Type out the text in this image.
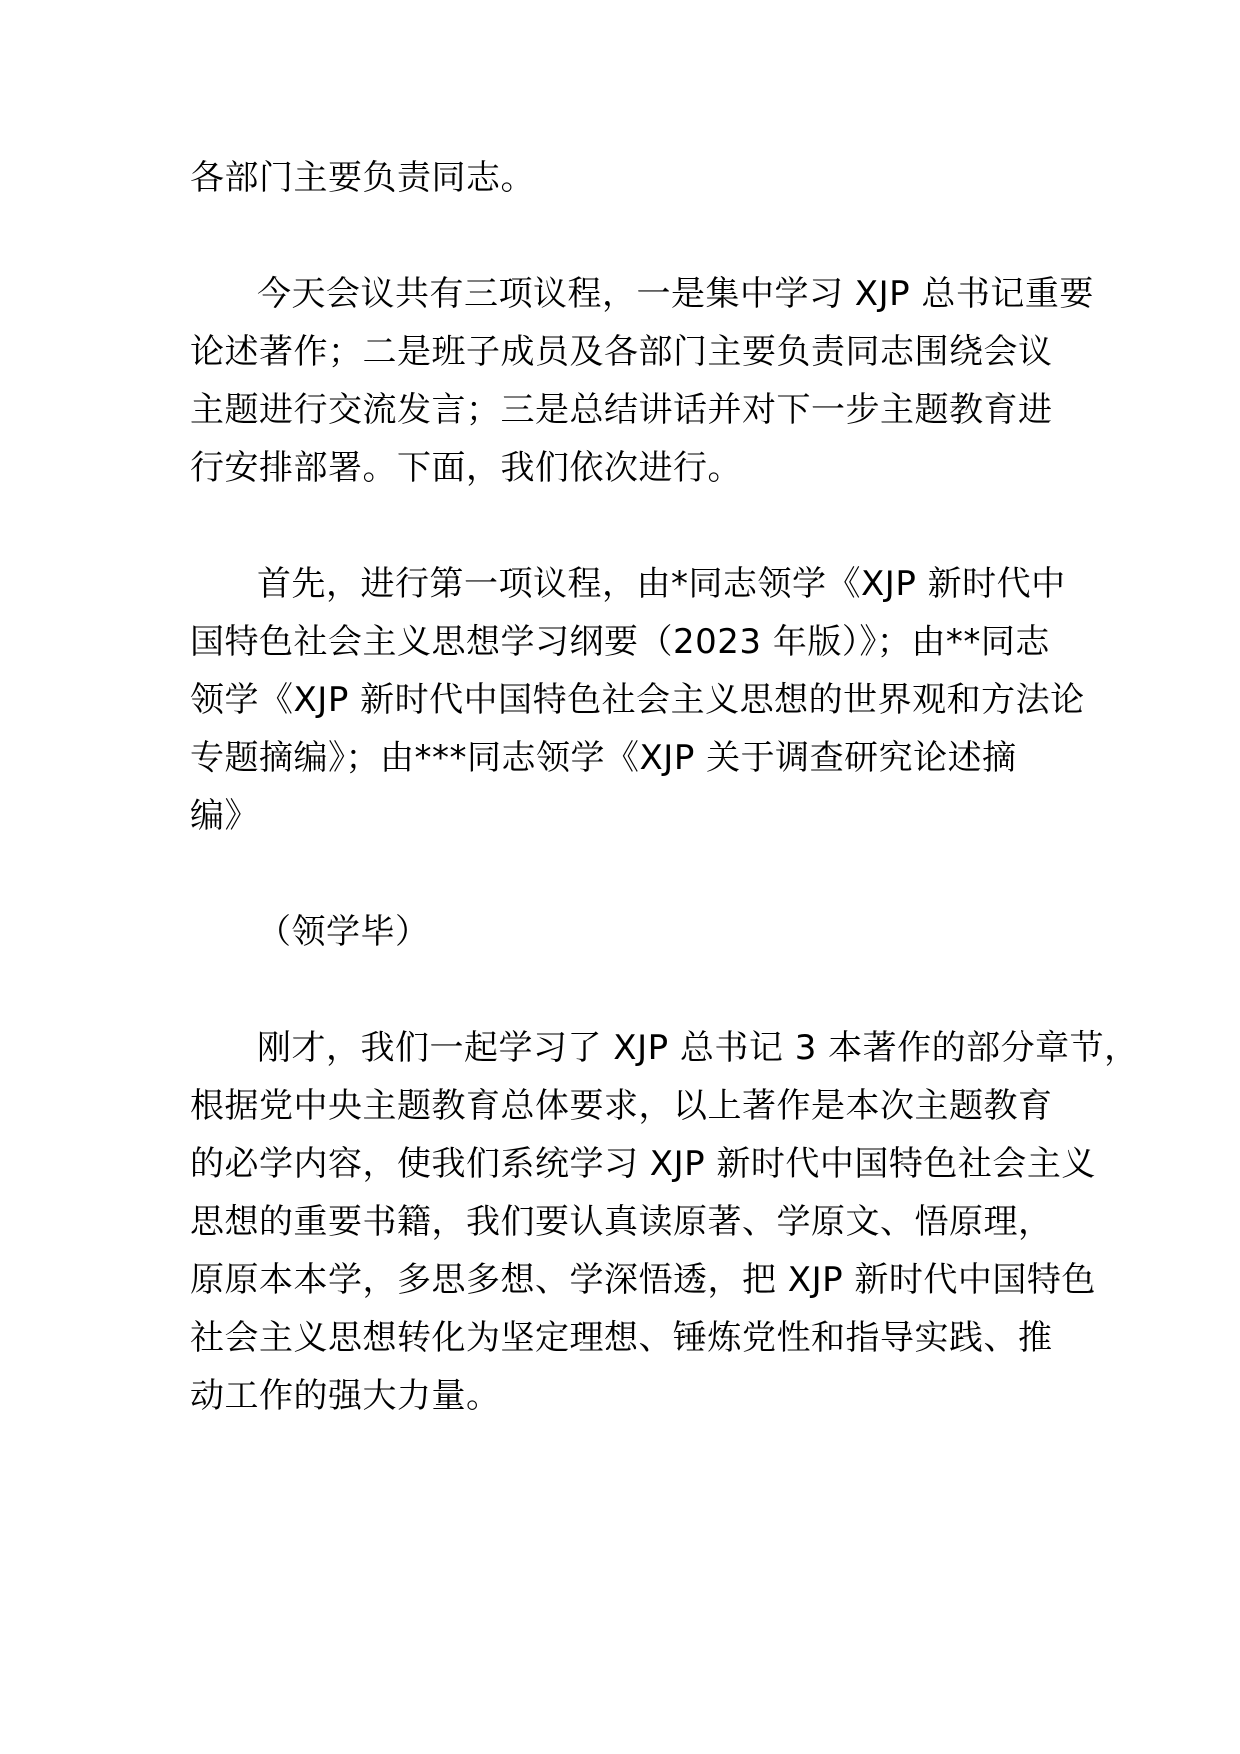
各部门主要负责同志。
今天会议共有三项议程，一是集中学习 XJP 总书记重要
论述著作；二是班子成员及各部门主要负责同志围绕会议
主题进行交流发言；三是总结讲话并对下一步主题教育进
行安排部署。下面，我们依次进行。
首先，进行第一项议程，由*同志领学《XJP 新时代中
国特色社会主义思想学习纲要（2023 年版）》；由**同志
领学《XJP 新时代中国特色社会主义思想的世界观和方法论
专题摘编》；由***同志领学《XJP 关于调查研究论述摘
编》
（领学毕）
刚才，我们一起学习了 XJP 总书记 3 本著作的部分章节，
根据党中央主题教育总体要求，以上著作是本次主题教育
的必学内容，使我们系统学习 XJP 新时代中国特色社会主义
思想的重要书籍，我们要认真读原著、学原文、悟原理，
原原本本学，多思多想、学深悟透，把 XJP 新时代中国特色
社会主义思想转化为坚定理想、锤炼党性和指导实践、推
动工作的强大力量。
